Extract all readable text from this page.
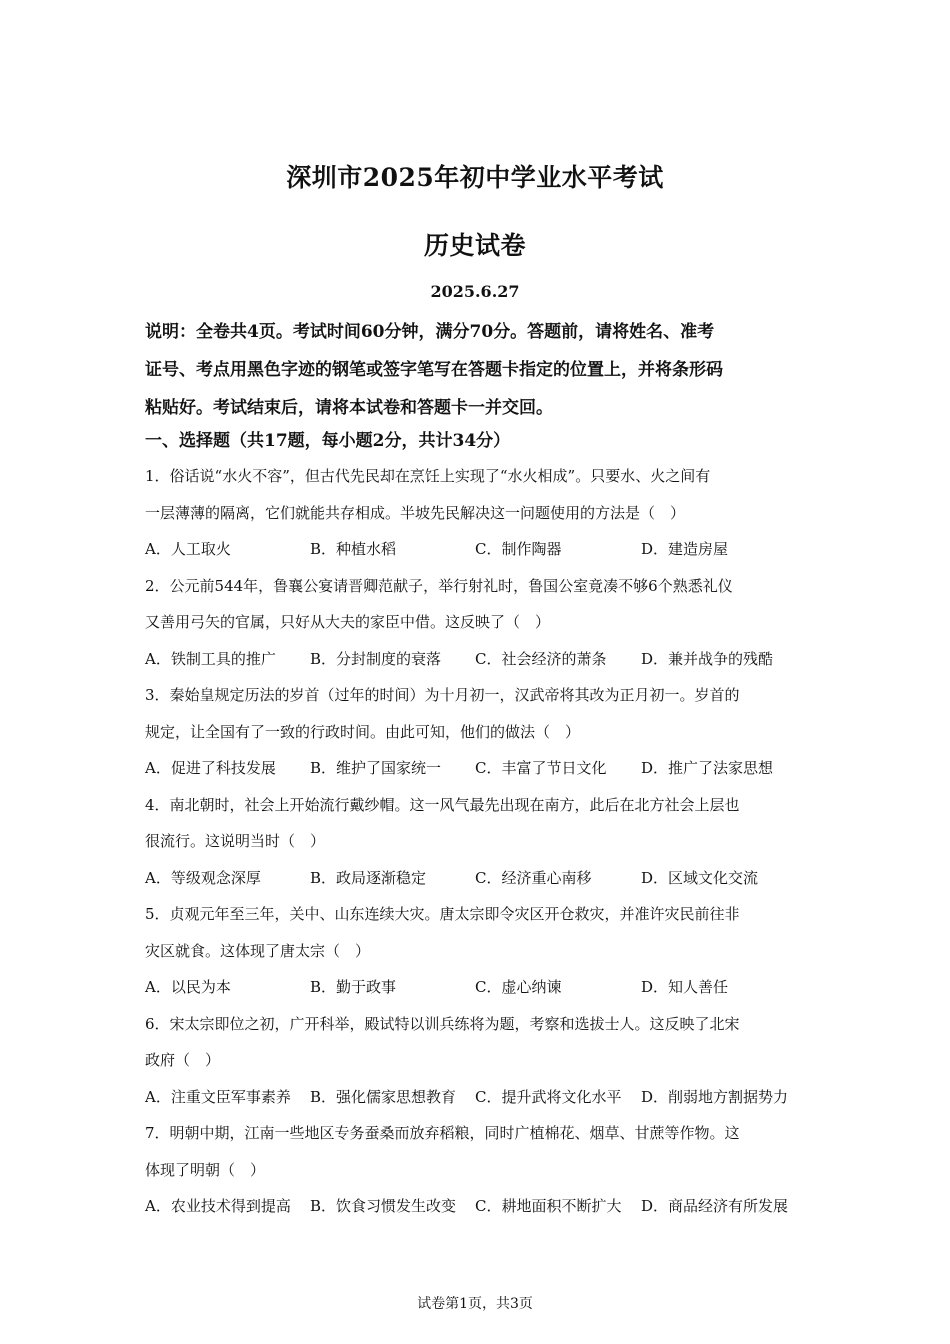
深圳市2025年初中学业水平考试
历史试卷
2025.6.27
说明：全卷共4页。考试时间60分钟，满分70分。答题前，请将姓名、准考
证号、考点用黑色字迹的钢笔或签字笔写在答题卡指定的位置上，并将条形码
粘贴好。考试结束后，请将本试卷和答题卡一并交回。
一、选择题（共17题，每小题2分，共计34分）
1．俗话说“水火不容”，但古代先民却在烹饪上实现了“水火相成”。只要水、火之间有
一层薄薄的隔离，它们就能共存相成。半坡先民解决这一问题使用的方法是（　）
A．人工取火	B．种植水稻	C．制作陶器	D．建造房屋
2．公元前544年，鲁襄公宴请晋卿范献子，举行射礼时，鲁国公室竟凑不够6个熟悉礼仪
又善用弓矢的官属，只好从大夫的家臣中借。这反映了（　）
A．铁制工具的推广 B．分封制度的衰落 C．社会经济的萧条 D．兼并战争的残酷
3．秦始皇规定历法的岁首（过年的时间）为十月初一，汉武帝将其改为正月初一。岁首的
规定，让全国有了一致的行政时间。由此可知，他们的做法（　）
A．促进了科技发展 B．维护了国家统一 C．丰富了节日文化 D．推广了法家思想
4．南北朝时，社会上开始流行戴纱帽。这一风气最先出现在南方，此后在北方社会上层也
很流行。这说明当时（　）
A．等级观念深厚	B．政局逐渐稳定	C．经济重心南移	D．区域文化交流
5．贞观元年至三年，关中、山东连续大灾。唐太宗即令灾区开仓救灾，并准许灾民前往非
灾区就食。这体现了唐太宗（　）
A．以民为本	B．勤于政事	C．虚心纳谏	D．知人善任
6．宋太宗即位之初，广开科举，殿试特以训兵练将为题，考察和选拔士人。这反映了北宋
政府（　）
A．注重文臣军事素养 B．强化儒家思想教育 C．提升武将文化水平 D．削弱地方割据势力
7．明朝中期，江南一些地区专务蚕桑而放弃稻粮，同时广植棉花、烟草、甘蔗等作物。这
体现了明朝（　）
A．农业技术得到提高 B．饮食习惯发生改变 C．耕地面积不断扩大 D．商品经济有所发展
试卷第1页，共3页
